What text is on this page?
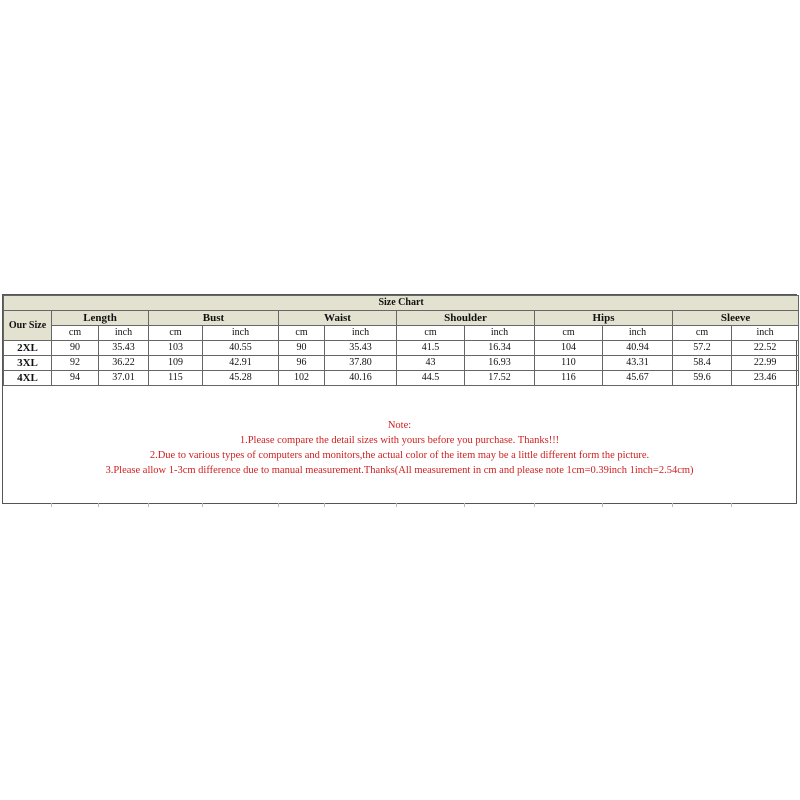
Size Chart												
Our Size	Length		Bust		Waist		Shoulder		Hips		Sleeve	
	cm	inch	cm	inch	cm	inch	cm	inch	cm	inch	cm	inch
2XL	90	35.43	103	40.55	90	35.43	41.5	16.34	104	40.94	57.2	22.52
3XL	92	36.22	109	42.91	96	37.80	43	16.93	110	43.31	58.4	22.99
4XL	94	37.01	115	45.28	102	40.16	44.5	17.52	116	45.67	59.6	23.46
Note:
1.Please compare the detail sizes with yours before you purchase. Thanks!!!
2.Due to various types of computers and monitors,the actual color of the item may be a little different form the picture.
3.Please allow 1-3cm difference due to manual measurement.Thanks(All measurement in cm and please note 1cm=0.39inch 1inch=2.54cm)
